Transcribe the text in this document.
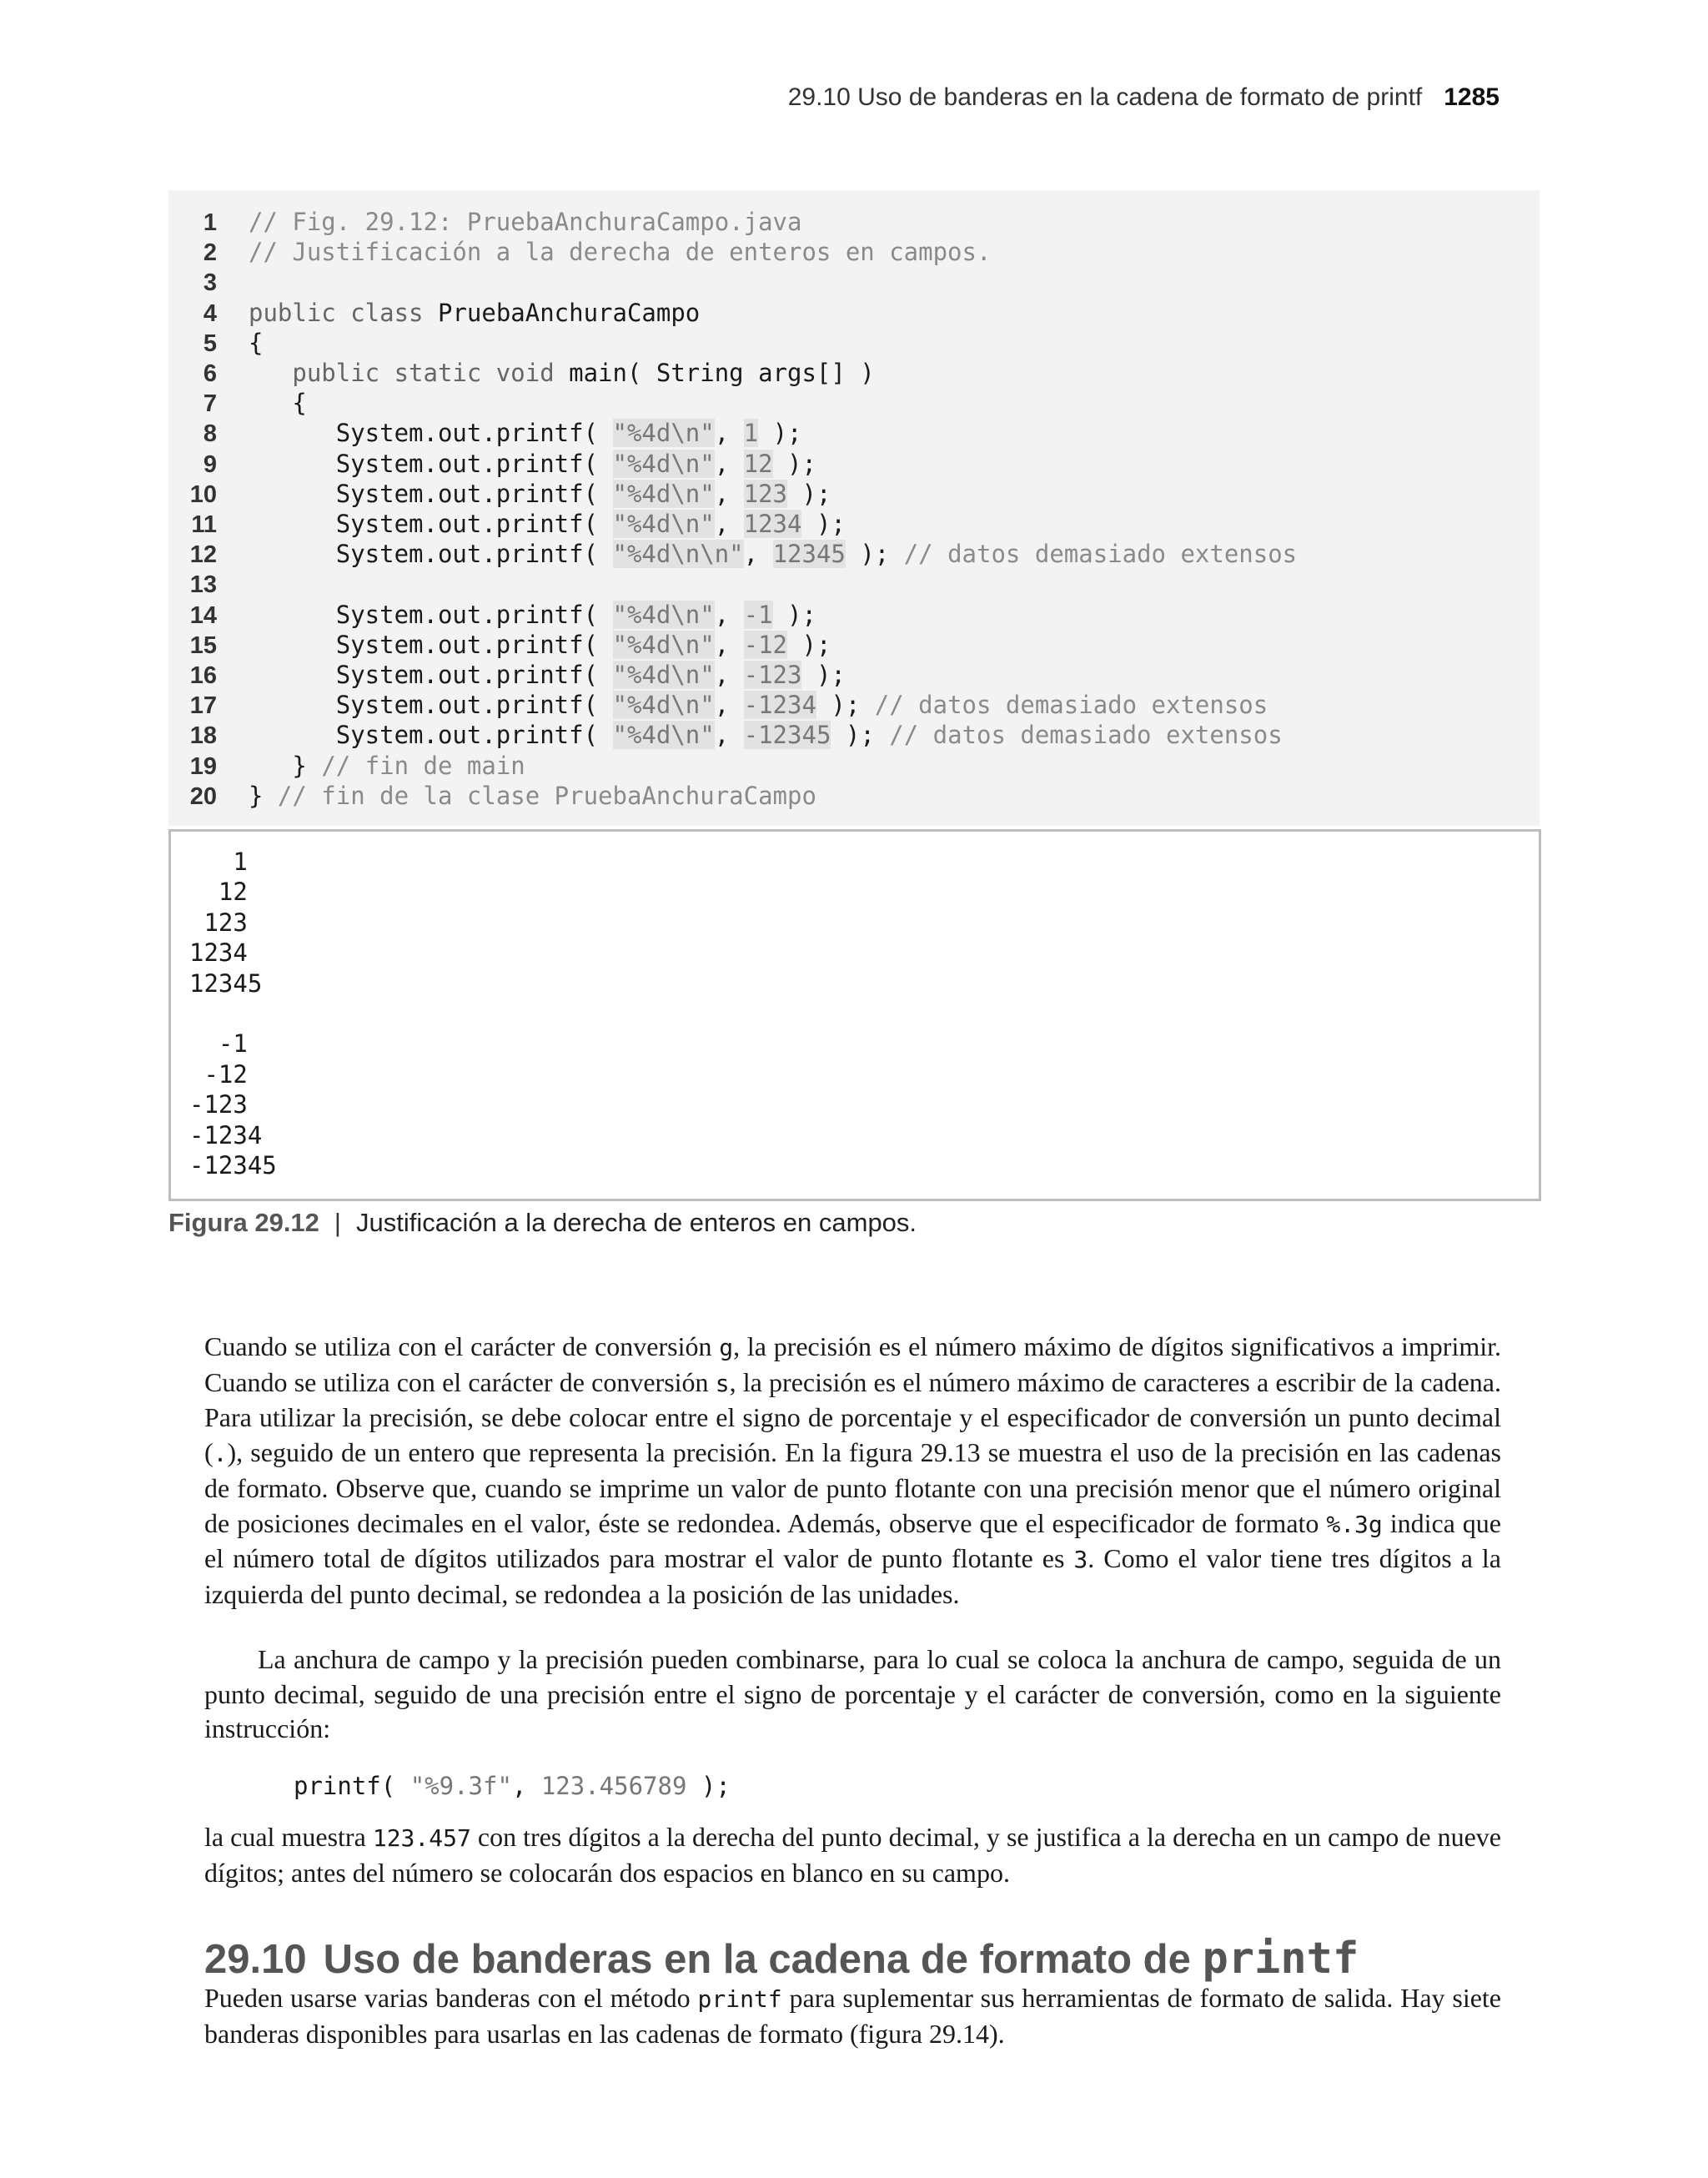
29.10 Uso de banderas en la cadena de formato de printf 1285
1 // Fig. 29.12: PruebaAnchuraCampo.java
2 // Justificación a la derecha de enteros en campos.
3
4 public class PruebaAnchuraCampo
5 {
6   public static void main( String args[] )
7   {
8      System.out.printf( "%4d\n", 1 );
9      System.out.printf( "%4d\n", 12 );
10      System.out.printf( "%4d\n", 123 );
11      System.out.printf( "%4d\n", 1234 );
12      System.out.printf( "%4d\n\n", 12345 ); // datos demasiado extensos
13
14      System.out.printf( "%4d\n", -1 );
15      System.out.printf( "%4d\n", -12 );
16      System.out.printf( "%4d\n", -123 );
17      System.out.printf( "%4d\n", -1234 ); // datos demasiado extensos
18      System.out.printf( "%4d\n", -12345 ); // datos demasiado extensos
19   } // fin de main
20 } // fin de la clase PruebaAnchuraCampo
1
12
123
1234
12345
-1
-12
-123
-1234
-12345
Figura 29.12 | Justificación a la derecha de enteros en campos.
Cuando se utiliza con el carácter de conversión g, la precisión es el número máximo de dígitos significativos a imprimir. Cuando se utiliza con el carácter de conversión s, la precisión es el número máximo de caracteres a escribir de la cadena. Para utilizar la precisión, se debe colocar entre el signo de porcentaje y el especificador de conversión un punto decimal (.), seguido de un entero que representa la precisión. En la figura 29.13 se muestra el uso de la precisión en las cadenas de formato. Observe que, cuando se imprime un valor de punto flotante con una precisión menor que el número original de posiciones decimales en el valor, éste se redondea. Además, observe que el especificador de formato %.3g indica que el número total de dígitos utilizados para mostrar el valor de punto flotante es 3. Como el valor tiene tres dígitos a la izquierda del punto decimal, se redondea a la posición de las unidades.
La anchura de campo y la precisión pueden combinarse, para lo cual se coloca la anchura de campo, seguida de un punto decimal, seguido de una precisión entre el signo de porcentaje y el carácter de conversión, como en la siguiente instrucción:
printf( "%9.3f", 123.456789 );
la cual muestra 123.457 con tres dígitos a la derecha del punto decimal, y se justifica a la derecha en un campo de nueve dígitos; antes del número se colocarán dos espacios en blanco en su campo.
29.10 Uso de banderas en la cadena de formato de printf
Pueden usarse varias banderas con el método printf para suplementar sus herramientas de formato de salida. Hay siete banderas disponibles para usarlas en las cadenas de formato (figura 29.14).
